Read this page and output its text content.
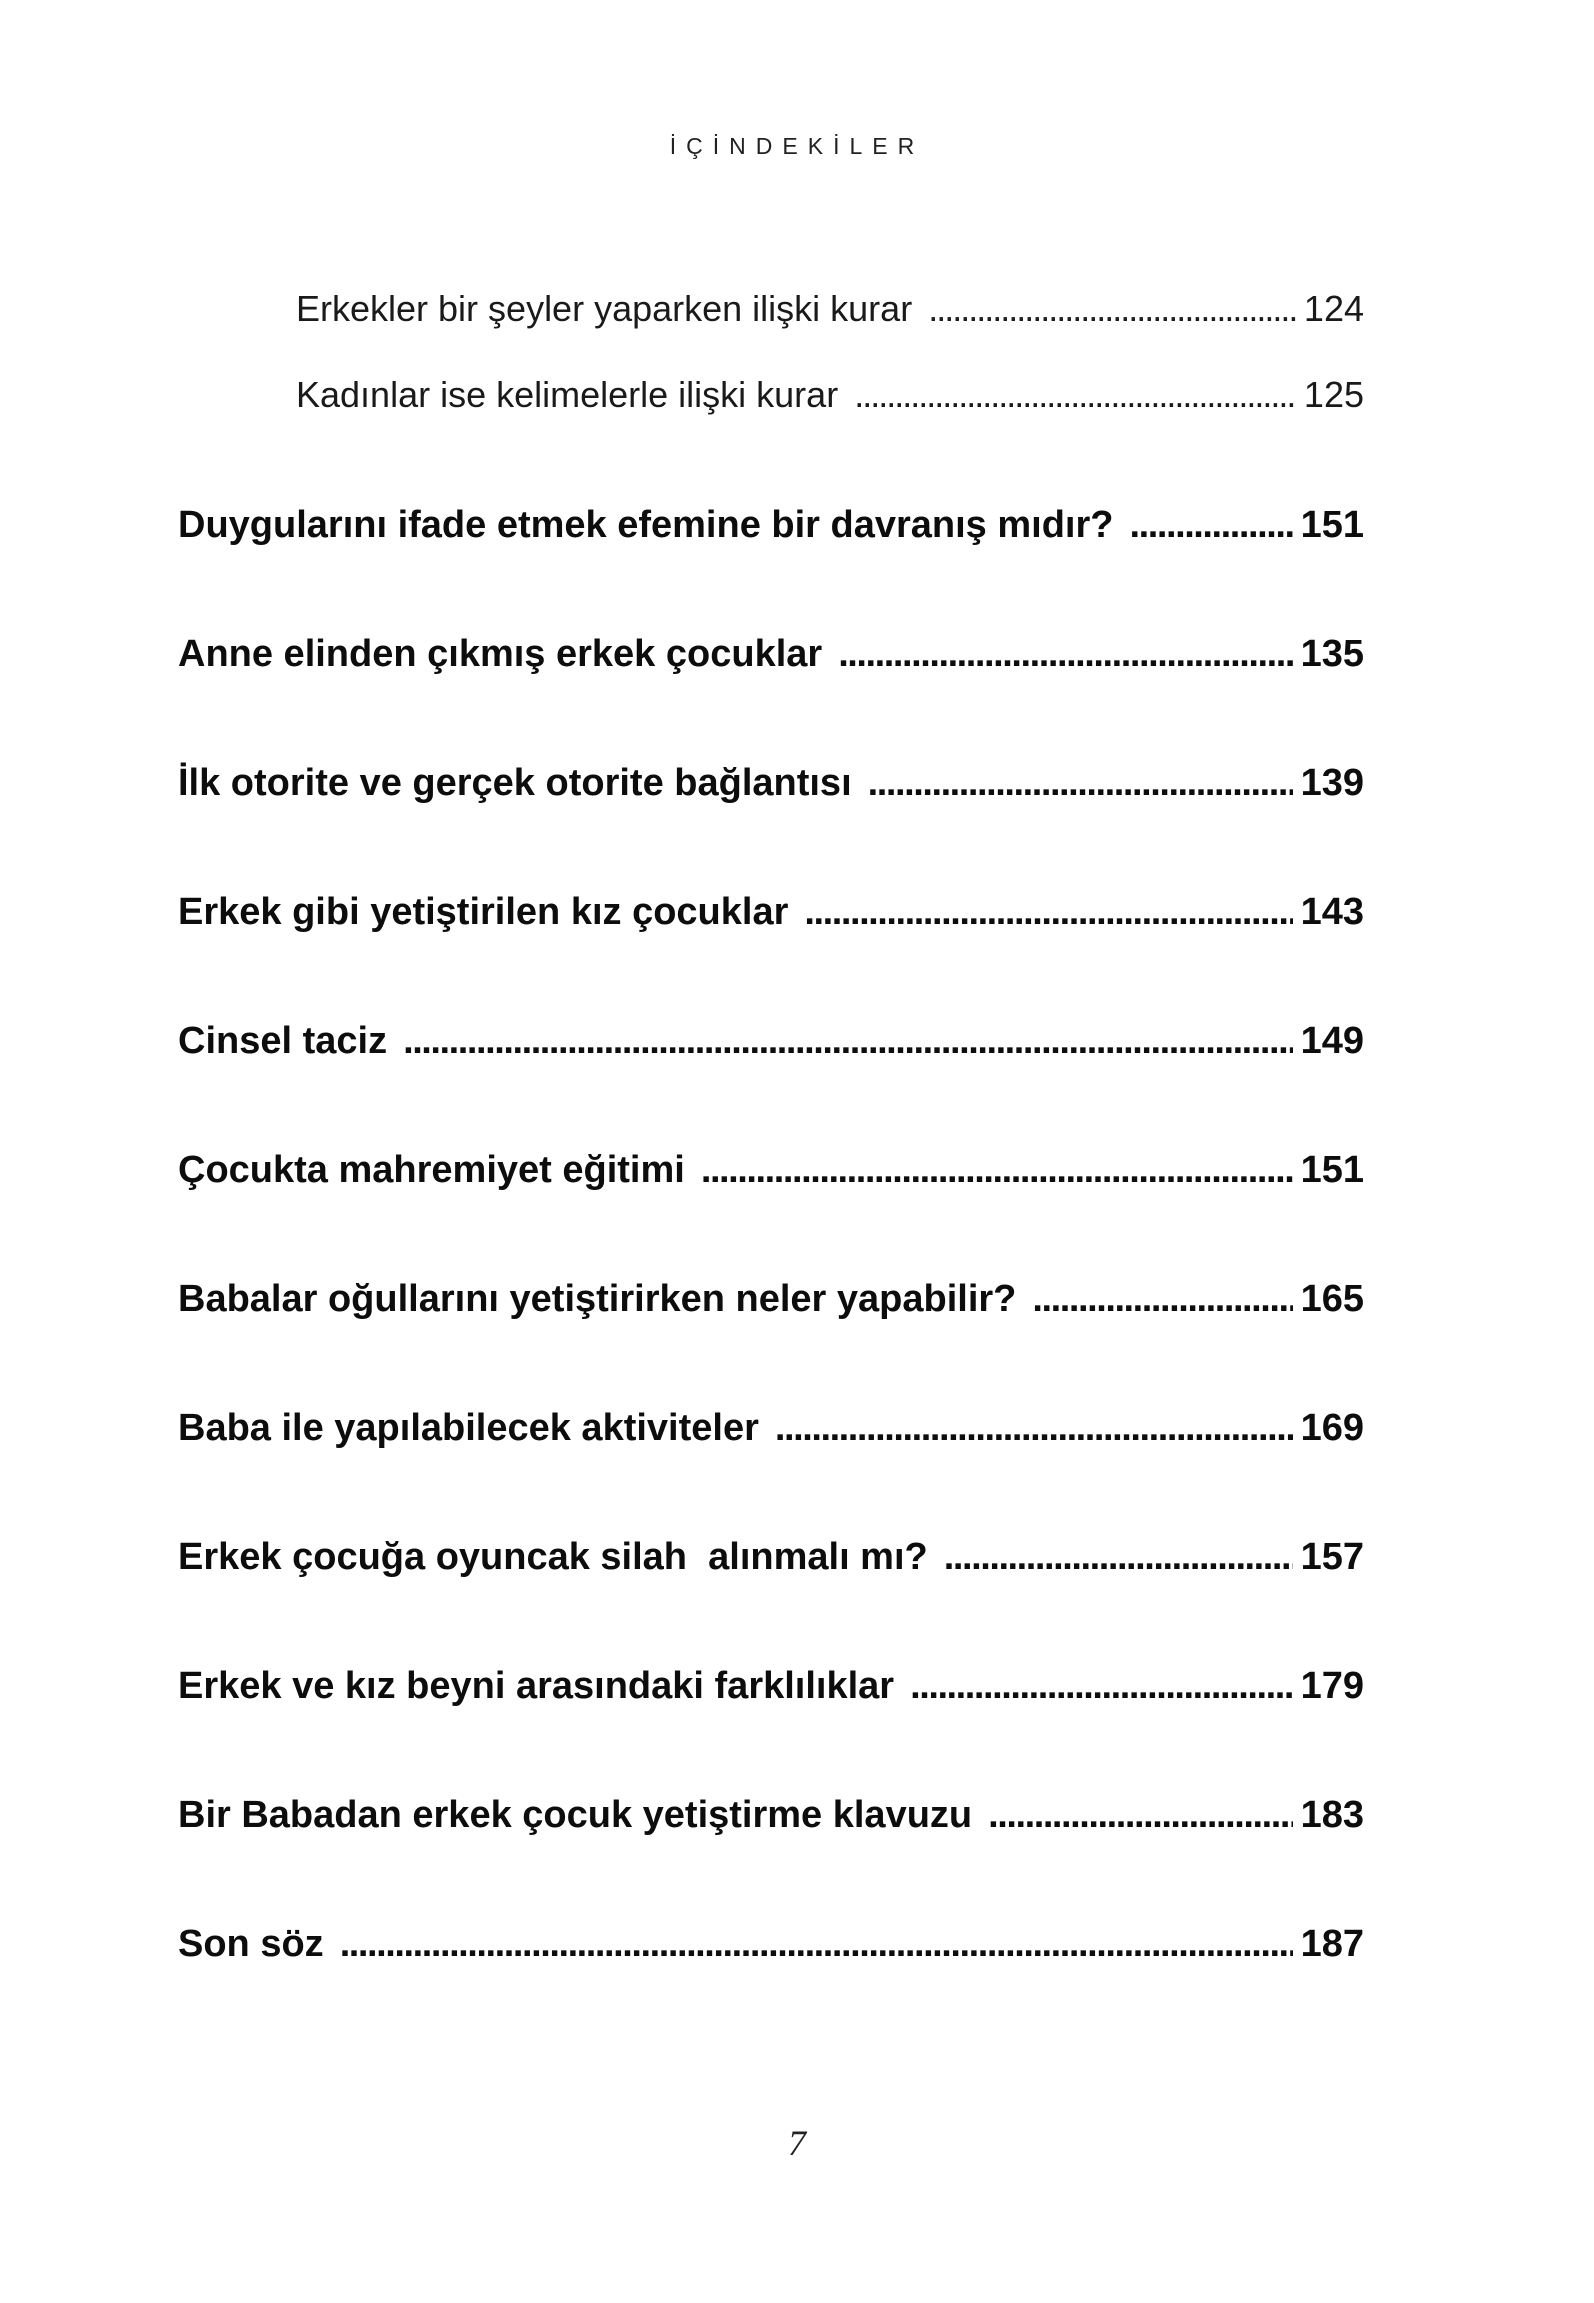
İÇİNDEKİLER
Erkekler bir şeyler yaparken ilişki kurar . . .	124
Kadınlar ise kelimelerle ilişki kurar . . .	125
Duygularını ifade etmek efemine bir davranış mıdır? . . .	151
Anne elinden çıkmış erkek çocuklar . . .	135
İlk otorite ve gerçek otorite bağlantısı . . .	139
Erkek gibi yetiştirilen kız çocuklar . . .	143
Cinsel taciz . . .	149
Çocukta mahremiyet eğitimi . . .	151
Babalar oğullarını yetiştirirken neler yapabilir? . . .	165
Baba ile yapılabilecek aktiviteler . . .	169
Erkek çocuğa oyuncak silah  alınmalı mı? . . .	157
Erkek ve kız beyni arasındaki farklılıklar . . .	179
Bir Babadan erkek çocuk yetiştirme klavuzu . . .	183
Son söz . . .	187
7
